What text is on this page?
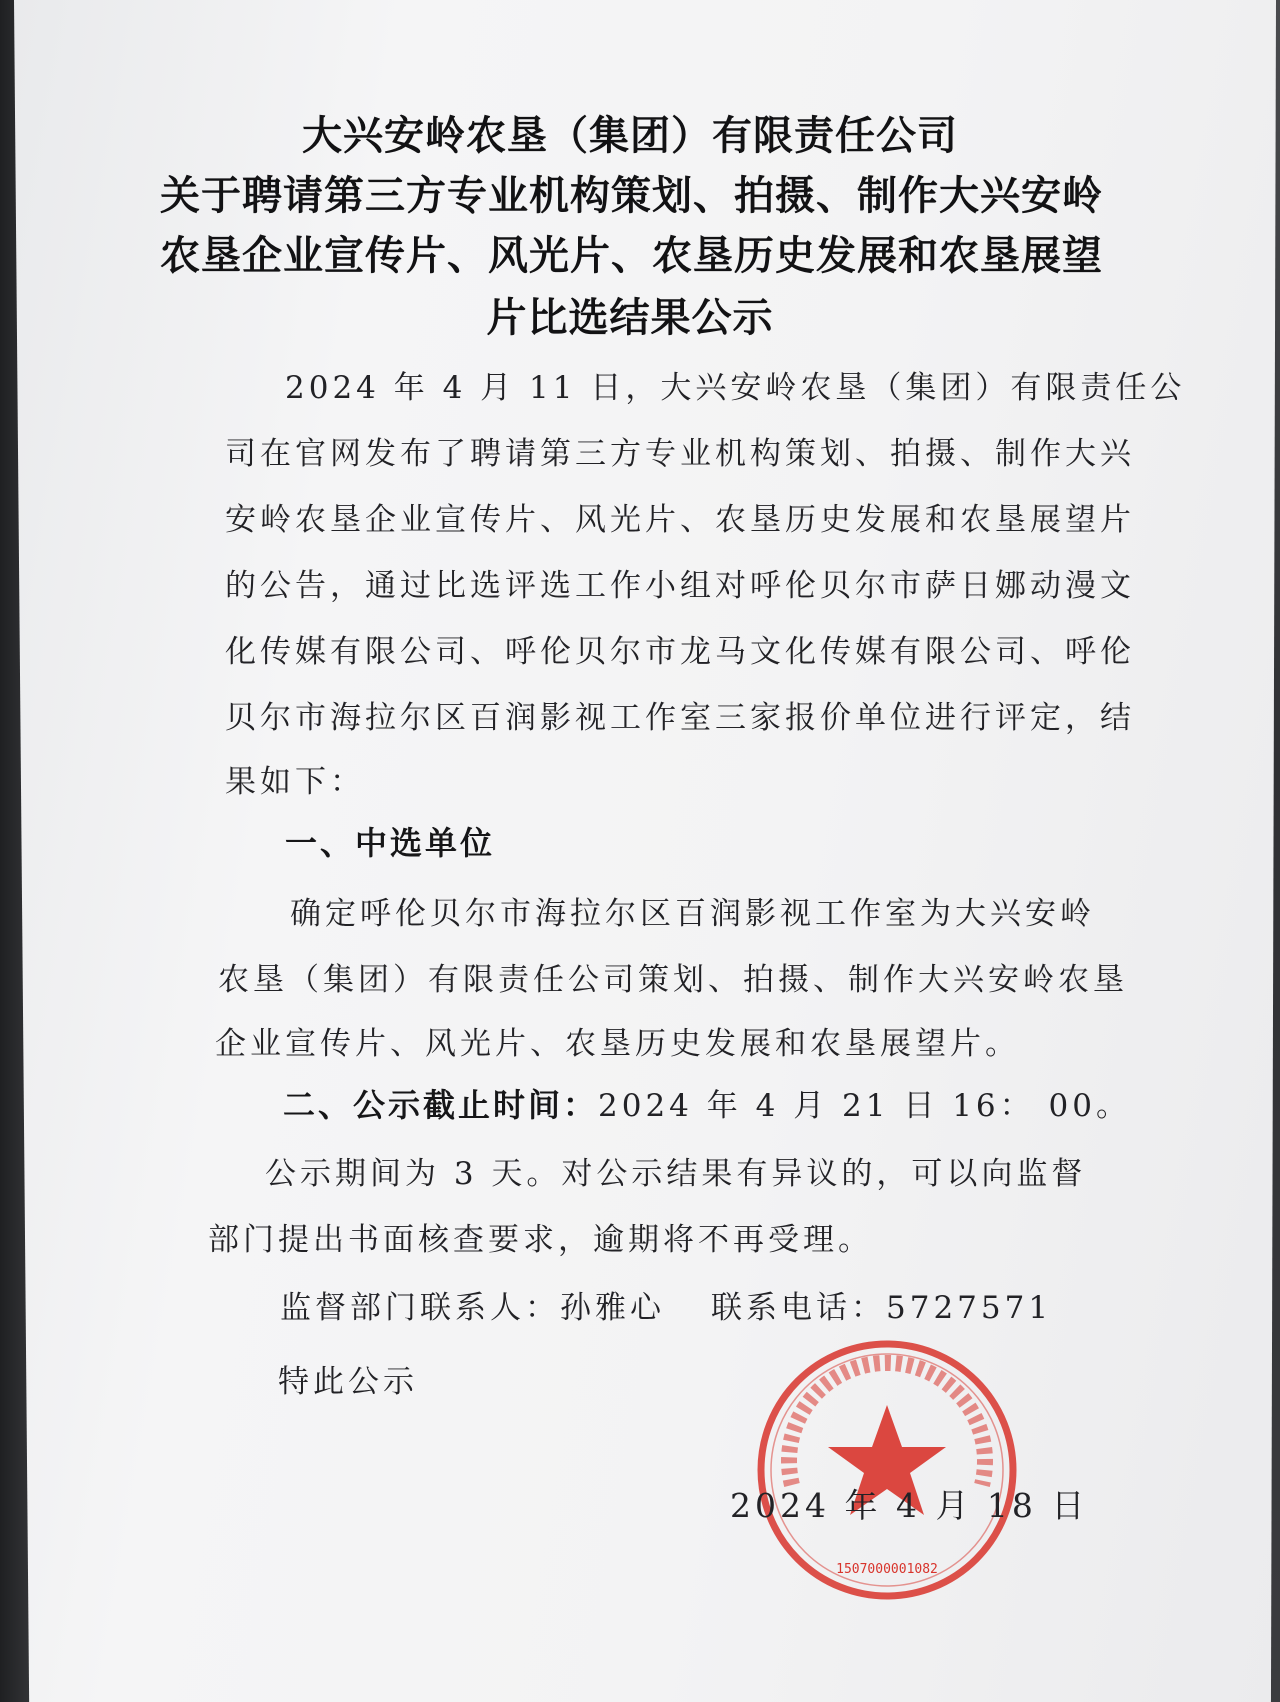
大兴安岭农垦（集团）有限责任公司
关于聘请第三方专业机构策划、拍摄、制作大兴安岭
农垦企业宣传片、风光片、农垦历史发展和农垦展望
片比选结果公示
2024 年 4 月 11 日，大兴安岭农垦（集团）有限责任公
司在官网发布了聘请第三方专业机构策划、拍摄、制作大兴
安岭农垦企业宣传片、风光片、农垦历史发展和农垦展望片
的公告，通过比选评选工作小组对呼伦贝尔市萨日娜动漫文
化传媒有限公司、呼伦贝尔市龙马文化传媒有限公司、呼伦
贝尔市海拉尔区百润影视工作室三家报价单位进行评定，结
果如下：
一、中选单位
确定呼伦贝尔市海拉尔区百润影视工作室为大兴安岭
农垦（集团）有限责任公司策划、拍摄、制作大兴安岭农垦
企业宣传片、风光片、农垦历史发展和农垦展望片。
二、公示截止时间：2024 年 4 月 21 日 16： 00。
公示期间为 3 天。对公示结果有异议的，可以向监督
部门提出书面核查要求，逾期将不再受理。
监督部门联系人：孙雅心 联系电话：5727571
特此公示
1507000001082
2024 年 4 月 18 日
